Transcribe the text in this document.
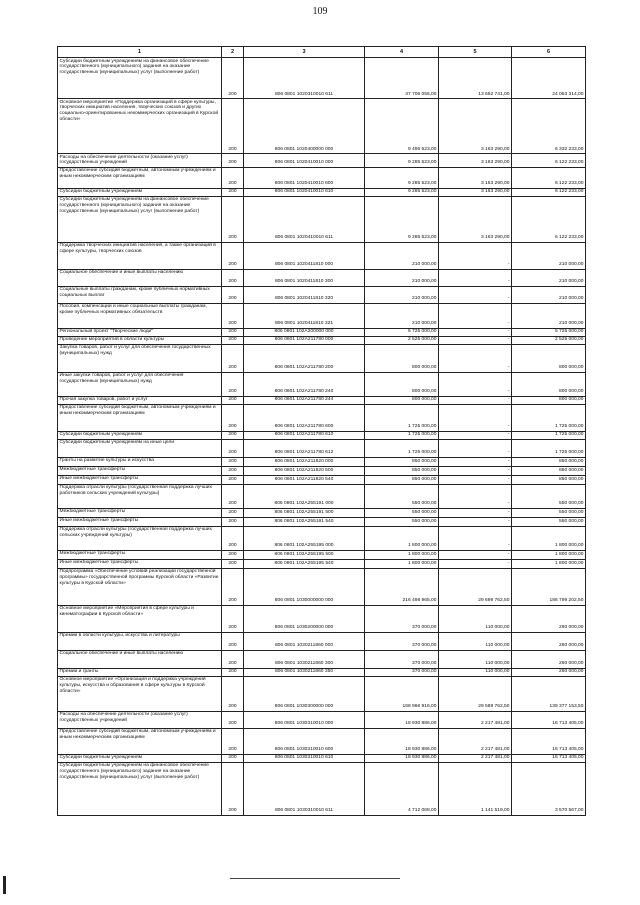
109
1	2	3	4	5	6
Субсидии бюджетным учреждениям на финансовое обеспечение государственного (муниципального) задания на оказание государственных (муниципальных) услуг (выполнение работ)	200	806 0801 1020310010 611	37 706 055,00	13 652 741,00	24 053 314,00
Основное мероприятие «Поддержка организаций в сфере культуры, творческих инициатив населения, творческих союзов и других социально-ориентированных некоммерческих организаций в Курской области»	200	806 0801 1020400000 000	9 495 523,00	3 163 290,00	6 332 233,00
Расходы на обеспечение деятельности (оказание услуг) государственных учреждений	200	806 0801 1020410010 000	9 285 523,00	3 163 290,00	6 122 233,00
Предоставление субсидий бюджетным, автономным учреждениям и иным некоммерческим организациям	200	806 0801 1020410010 600	9 285 523,00	3 163 290,00	6 122 233,00
Субсидии бюджетным учреждениям	200	806 0801 1020410010 610	9 285 523,00	3 163 290,00	6 122 233,00
Субсидии бюджетным учреждениям на финансовое обеспечение государственного (муниципального) задания на оказание государственных (муниципальных) услуг (выполнение работ)	200	806 0801 1020410010 611	9 285 523,00	3 163 290,00	6 122 233,00
Поддержка творческих инициатив населения, а также организаций в сфере культуры, творческих союзов	200	806 0801 1020411810 000	210 000,00	-	210 000,00
Социальное обеспечение и иные выплаты населению	200	806 0801 1020411810 300	210 000,00	-	210 000,00
Социальные выплаты гражданам, кроме публичных нормативных социальных выплат	200	806 0801 1020411810 320	210 000,00	-	210 000,00
Пособия, компенсации и иные социальные выплаты гражданам, кроме публичных нормативных обязательств	200	806 0801 1020411810 321	210 000,00	-	210 000,00
Региональный проект "Творческие люди"	200	806 0801 102A200000 000	5 725 000,00	-	5 725 000,00
Проведение мероприятий в области культуры	200	806 0801 102A211780 000	2 525 000,00	-	2 525 000,00
Закупка товаров, работ и услуг для обеспечения государственных (муниципальных) нужд	200	806 0801 102A211780 200	800 000,00	-	800 000,00
Иные закупки товаров, работ и услуг для обеспечения государственных (муниципальных) нужд	200	806 0801 102A211780 240	800 000,00	-	800 000,00
Прочая закупка товаров, работ и услуг	200	806 0801 102A211780 244	800 000,00	-	800 000,00
Предоставление субсидий бюджетным, автономным учреждениям и иным некоммерческим организациям	200	806 0801 102A211780 600	1 725 000,00	-	1 725 000,00
Субсидии бюджетным учреждениям	200	806 0801 102A211780 610	1 725 000,00	-	1 725 000,00
Субсидии бюджетным учреждениям на иные цели	200	806 0801 102A211780 612	1 725 000,00	-	1 725 000,00
Гранты на развитие культуры и искусства	200	806 0801 102A211820 000	850 000,00	-	850 000,00
Межбюджетные трансферты	200	806 0801 102A211820 500	850 000,00	-	850 000,00
Иные межбюджетные трансферты	200	806 0801 102A211820 540	850 000,00	-	850 000,00
Поддержка отрасли культуры (государственная поддержка лучших работников сельских учреждений культуры)	200	806 0801 102A255191 000	550 000,00	-	550 000,00
Межбюджетные трансферты	200	806 0801 102A255191 500	550 000,00	-	550 000,00
Иные межбюджетные трансферты	200	806 0801 102A255191 540	550 000,00	-	550 000,00
Поддержка отрасли культуры (государственная поддержка лучших сельских учреждений культуры)	200	806 0801 102A255195 000	1 800 000,00	-	1 800 000,00
Межбюджетные трансферты	200	806 0801 102A255195 500	1 800 000,00	-	1 800 000,00
Иные межбюджетные трансферты	200	806 0801 102A255195 540	1 800 000,00	-	1 800 000,00
Подпрограмма «Обеспечение условий реализации государственной программы» государственной программы Курской области «Развитие культуры в Курской области»	200	806 0801 1030000000 000	216 498 965,00	29 699 762,50	186 799 202,50
Основное мероприятие «Мероприятия в сфере культуры и кинематографии в Курской области»	200	806 0801 1030200000 000	370 000,00	110 000,00	260 000,00
Премии в области культуры, искусства и литературы	200	806 0801 1030211860 000	370 000,00	110 000,00	260 000,00
Социальное обеспечение и иные выплаты населению	200	806 0801 1030211860 300	370 000,00	110 000,00	260 000,00
Премии и гранты	200	806 0801 1030211860 350	370 000,00	110 000,00	260 000,00
Основное мероприятие «Организация и поддержка учреждений культуры, искусства и образования в сфере культуры в Курской области»	200	806 0801 1030300000 000	168 966 916,00	29 589 762,50	139 377 153,50
Расходы на обеспечение деятельности (оказание услуг) государственных учреждений	200	806 0801 1030310010 000	18 930 886,00	2 217 481,00	16 713 405,00
Предоставление субсидий бюджетным, автономным учреждениям и иным некоммерческим организациям	200	806 0801 1030310010 600	18 930 886,00	2 217 481,00	16 713 405,00
Субсидии бюджетным учреждениям	200	806 0801 1030310010 610	18 930 886,00	2 217 481,00	16 713 405,00
Субсидии бюджетным учреждениям на финансовое обеспечение государственного (муниципального) задания на оказание государственных (муниципальных) услуг (выполнение работ)	200	806 0801 1030310010 611	4 712 068,00	1 141 519,00	3 570 567,00
